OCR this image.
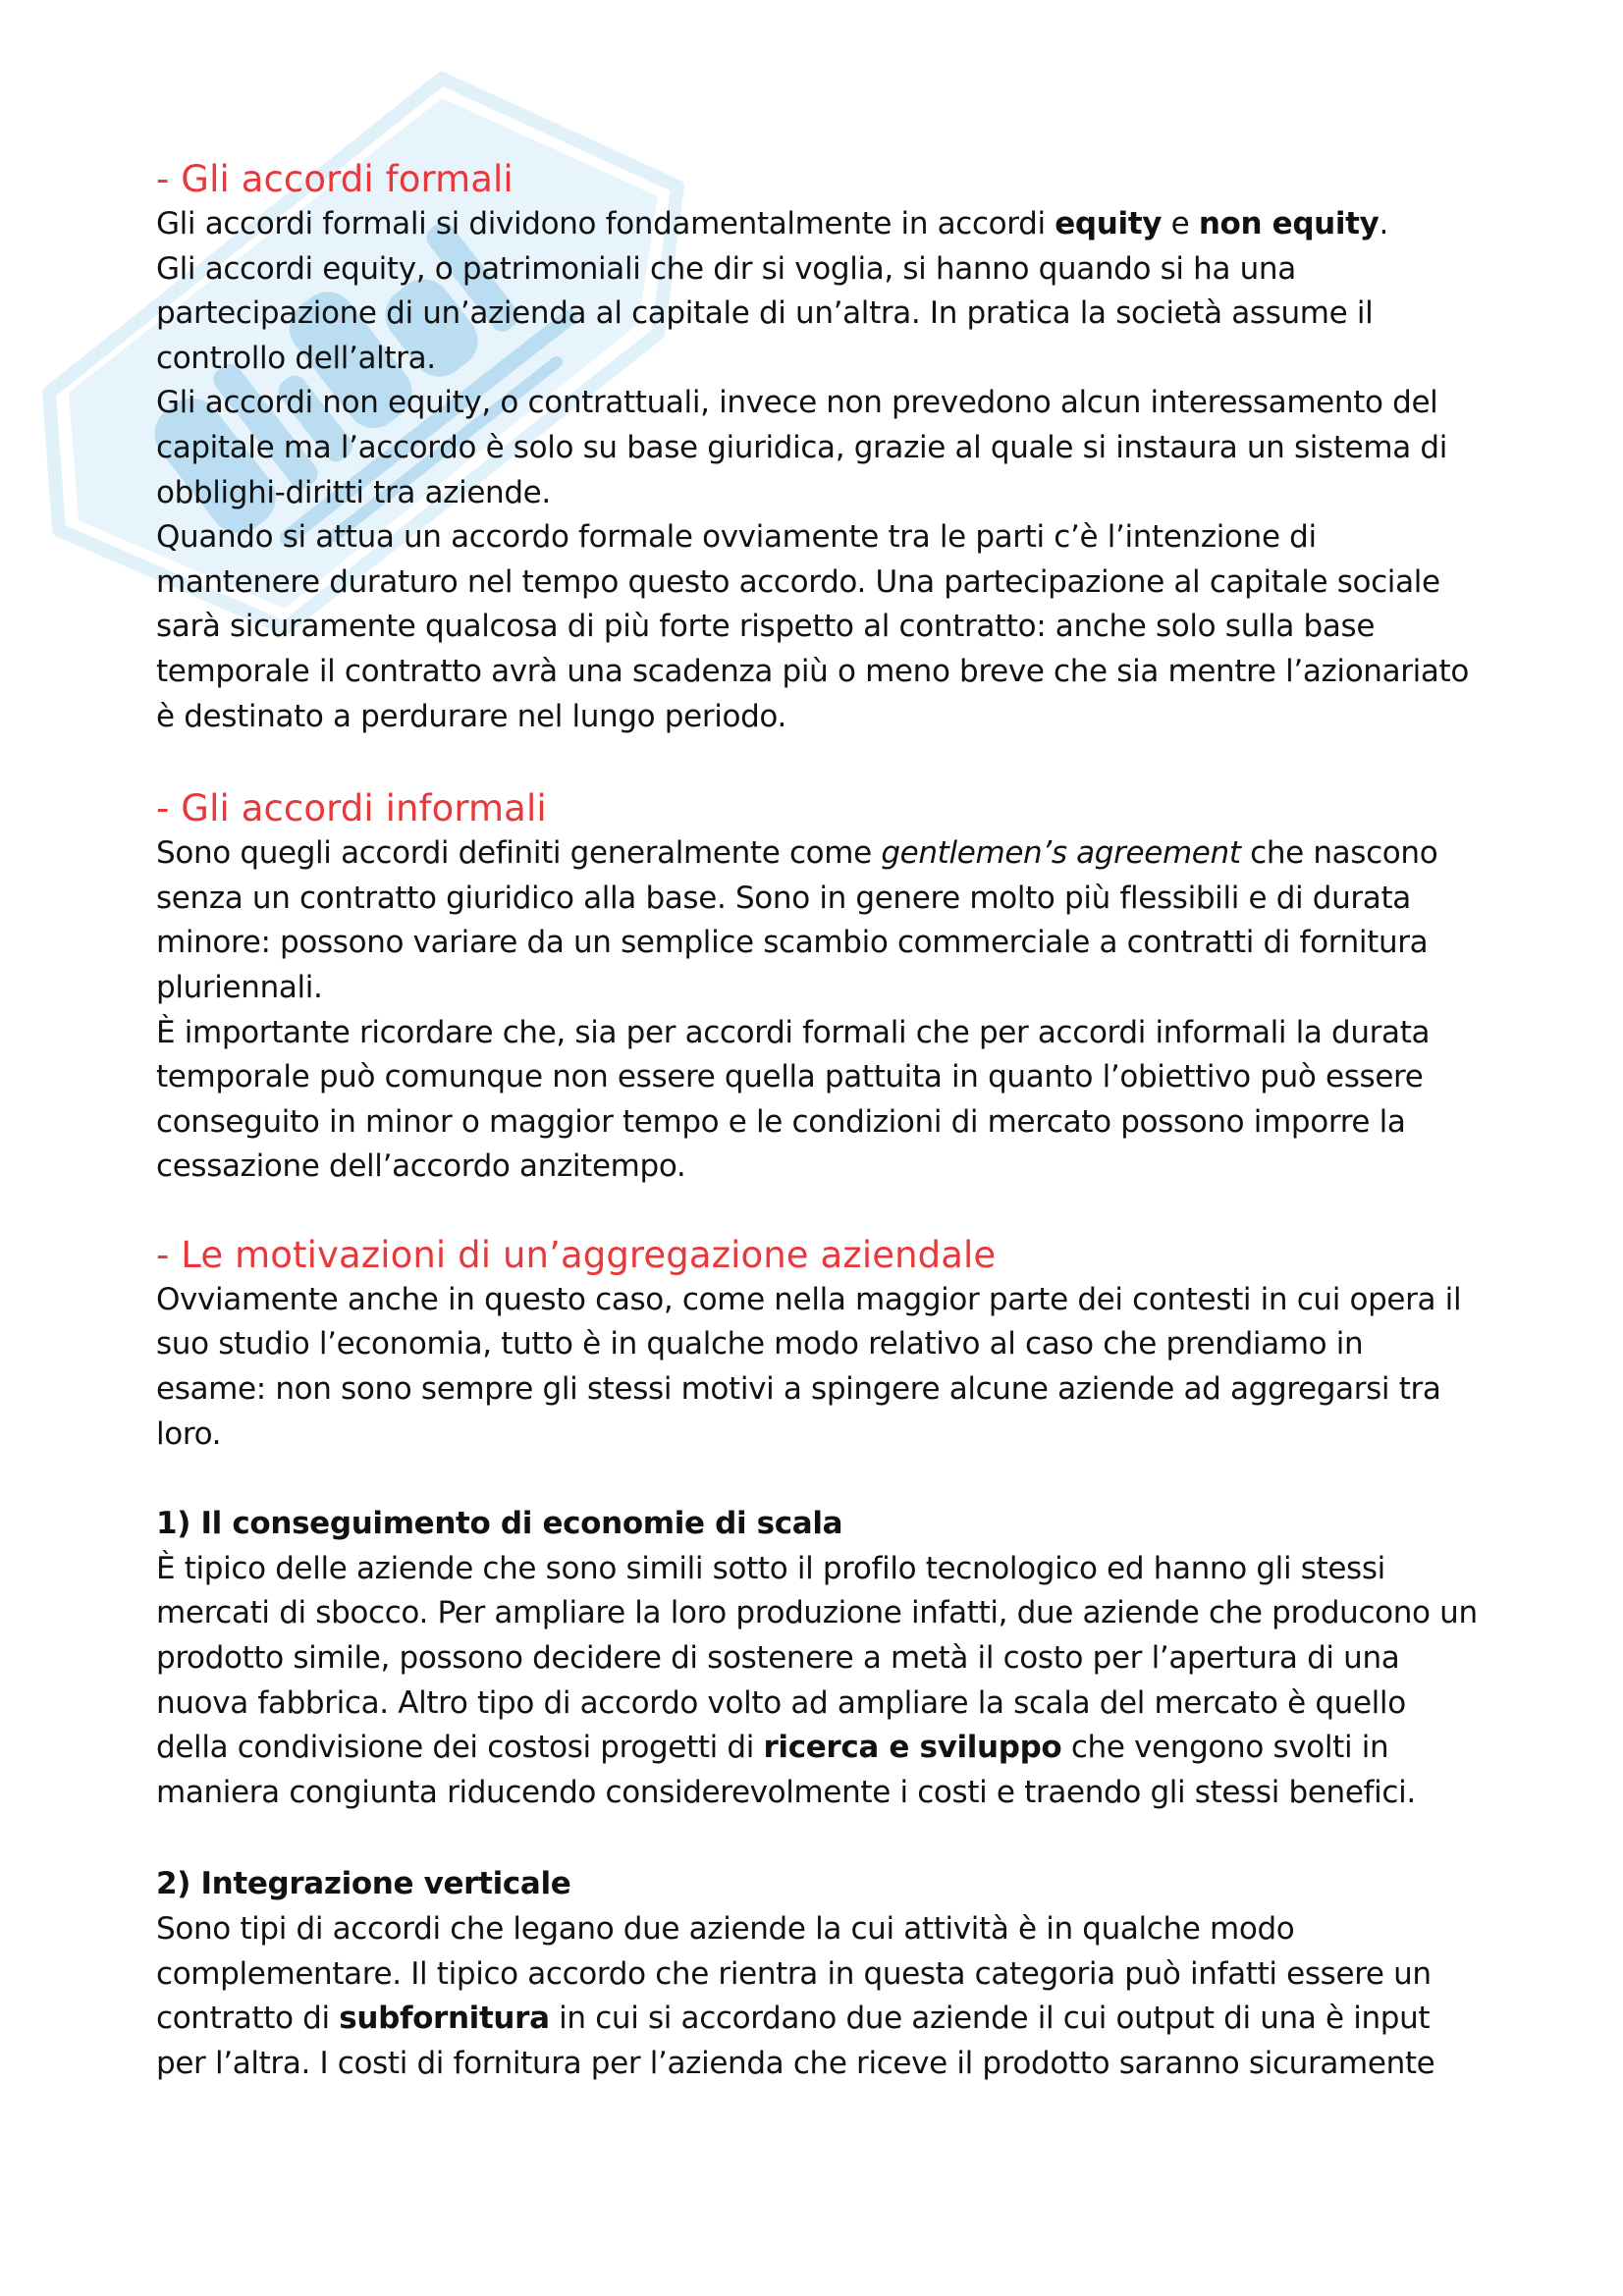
- Gli accordi formali

Gli accordi formali si dividono fondamentalmente in accordi equity e non equity.

Gli accordi equity, o patrimoniali che dir si voglia, si hanno quando si ha una partecipazione di un’azienda al capitale di un’altra. In pratica la società assume il controllo dell’altra.

Gli accordi non equity, o contrattuali, invece non prevedono alcun interessamento del capitale ma l’accordo è solo su base giuridica, grazie al quale si instaura un sistema di obblighi-diritti tra aziende.

Quando si attua un accordo formale ovviamente tra le parti c’è l’intenzione di mantenere duraturo nel tempo questo accordo. Una partecipazione al capitale sociale sarà sicuramente qualcosa di più forte rispetto al contratto: anche solo sulla base temporale il contratto avrà una scadenza più o meno breve che sia mentre l’azionariato è destinato a perdurare nel lungo periodo.

- Gli accordi informali

Sono quegli accordi definiti generalmente come gentlemen’s agreement che nascono senza un contratto giuridico alla base. Sono in genere molto più flessibili e di durata minore: possono variare da un semplice scambio commerciale a contratti di fornitura pluriennali.

È importante ricordare che, sia per accordi formali che per accordi informali la durata temporale può comunque non essere quella pattuita in quanto l’obiettivo può essere conseguito in minor o maggior tempo e le condizioni di mercato possono imporre la cessazione dell’accordo anzitempo.

- Le motivazioni di un’aggregazione aziendale

Ovviamente anche in questo caso, come nella maggior parte dei contesti in cui opera il suo studio l’economia, tutto è in qualche modo relativo al caso che prendiamo in esame: non sono sempre gli stessi motivi a spingere alcune aziende ad aggregarsi tra loro.

1) Il conseguimento di economie di scala

È tipico delle aziende che sono simili sotto il profilo tecnologico ed hanno gli stessi mercati di sbocco. Per ampliare la loro produzione infatti, due aziende che producono un prodotto simile, possono decidere di sostenere a metà il costo per l’apertura di una nuova fabbrica. Altro tipo di accordo volto ad ampliare la scala del mercato è quello della condivisione dei costosi progetti di ricerca e sviluppo che vengono svolti in maniera congiunta riducendo considerevolmente i costi e traendo gli stessi benefici.

2) Integrazione verticale

Sono tipi di accordi che legano due aziende la cui attività è in qualche modo complementare. Il tipico accordo che rientra in questa categoria può infatti essere un contratto di subfornitura in cui si accordano due aziende il cui output di una è input per l’altra. I costi di fornitura per l’azienda che riceve il prodotto saranno sicuramente
